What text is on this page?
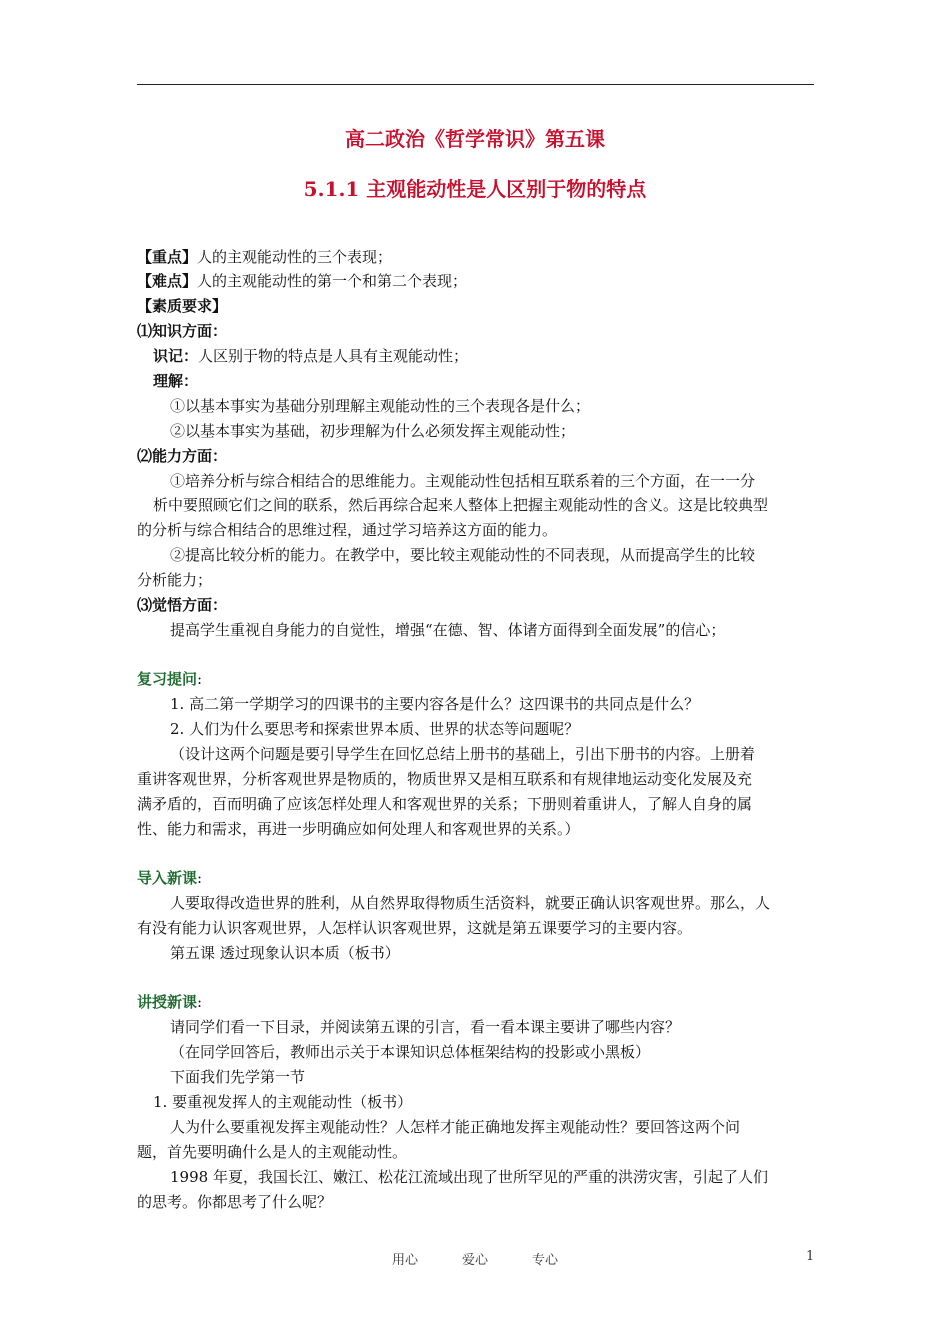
高二政治《哲学常识》第五课
5.1.1 主观能动性是人区别于物的特点
【重点】人的主观能动性的三个表现；
【难点】人的主观能动性的第一个和第二个表现；
【素质要求】
⑴知识方面：
识记：人区别于物的特点是人具有主观能动性；
理解：
①以基本事实为基础分别理解主观能动性的三个表现各是什么；
②以基本事实为基础，初步理解为什么必须发挥主观能动性；
⑵能力方面：
①培养分析与综合相结合的思维能力。主观能动性包括相互联系着的三个方面，在一一分
析中要照顾它们之间的联系，然后再综合起来人整体上把握主观能动性的含义。这是比较典型
的分析与综合相结合的思维过程，通过学习培养这方面的能力。
②提高比较分析的能力。在教学中，要比较主观能动性的不同表现，从而提高学生的比较
分析能力；
⑶觉悟方面：
提高学生重视自身能力的自觉性，增强“在德、智、体诸方面得到全面发展”的信心；
复习提问:
1. 高二第一学期学习的四课书的主要内容各是什么？这四课书的共同点是什么？
2. 人们为什么要思考和探索世界本质、世界的状态等问题呢？
（设计这两个问题是要引导学生在回忆总结上册书的基础上，引出下册书的内容。上册着
重讲客观世界，分析客观世界是物质的，物质世界又是相互联系和有规律地运动变化发展及充
满矛盾的，百而明确了应该怎样处理人和客观世界的关系；下册则着重讲人，了解人自身的属
性、能力和需求，再进一步明确应如何处理人和客观世界的关系。）
导入新课:
人要取得改造世界的胜利，从自然界取得物质生活资料，就要正确认识客观世界。那么，人
有没有能力认识客观世界，人怎样认识客观世界，这就是第五课要学习的主要内容。
第五课 透过现象认识本质（板书）
讲授新课:
请同学们看一下目录，并阅读第五课的引言，看一看本课主要讲了哪些内容？
（在同学回答后，教师出示关于本课知识总体框架结构的投影或小黑板）
下面我们先学第一节
1. 要重视发挥人的主观能动性（板书）
人为什么要重视发挥主观能动性？人怎样才能正确地发挥主观能动性？要回答这两个问
题，首先要明确什么是人的主观能动性。
1998 年夏，我国长江、嫩江、松花江流域出现了世所罕见的严重的洪涝灾害，引起了人们
的思考。你都思考了什么呢？
用心	爱心	专心	1
